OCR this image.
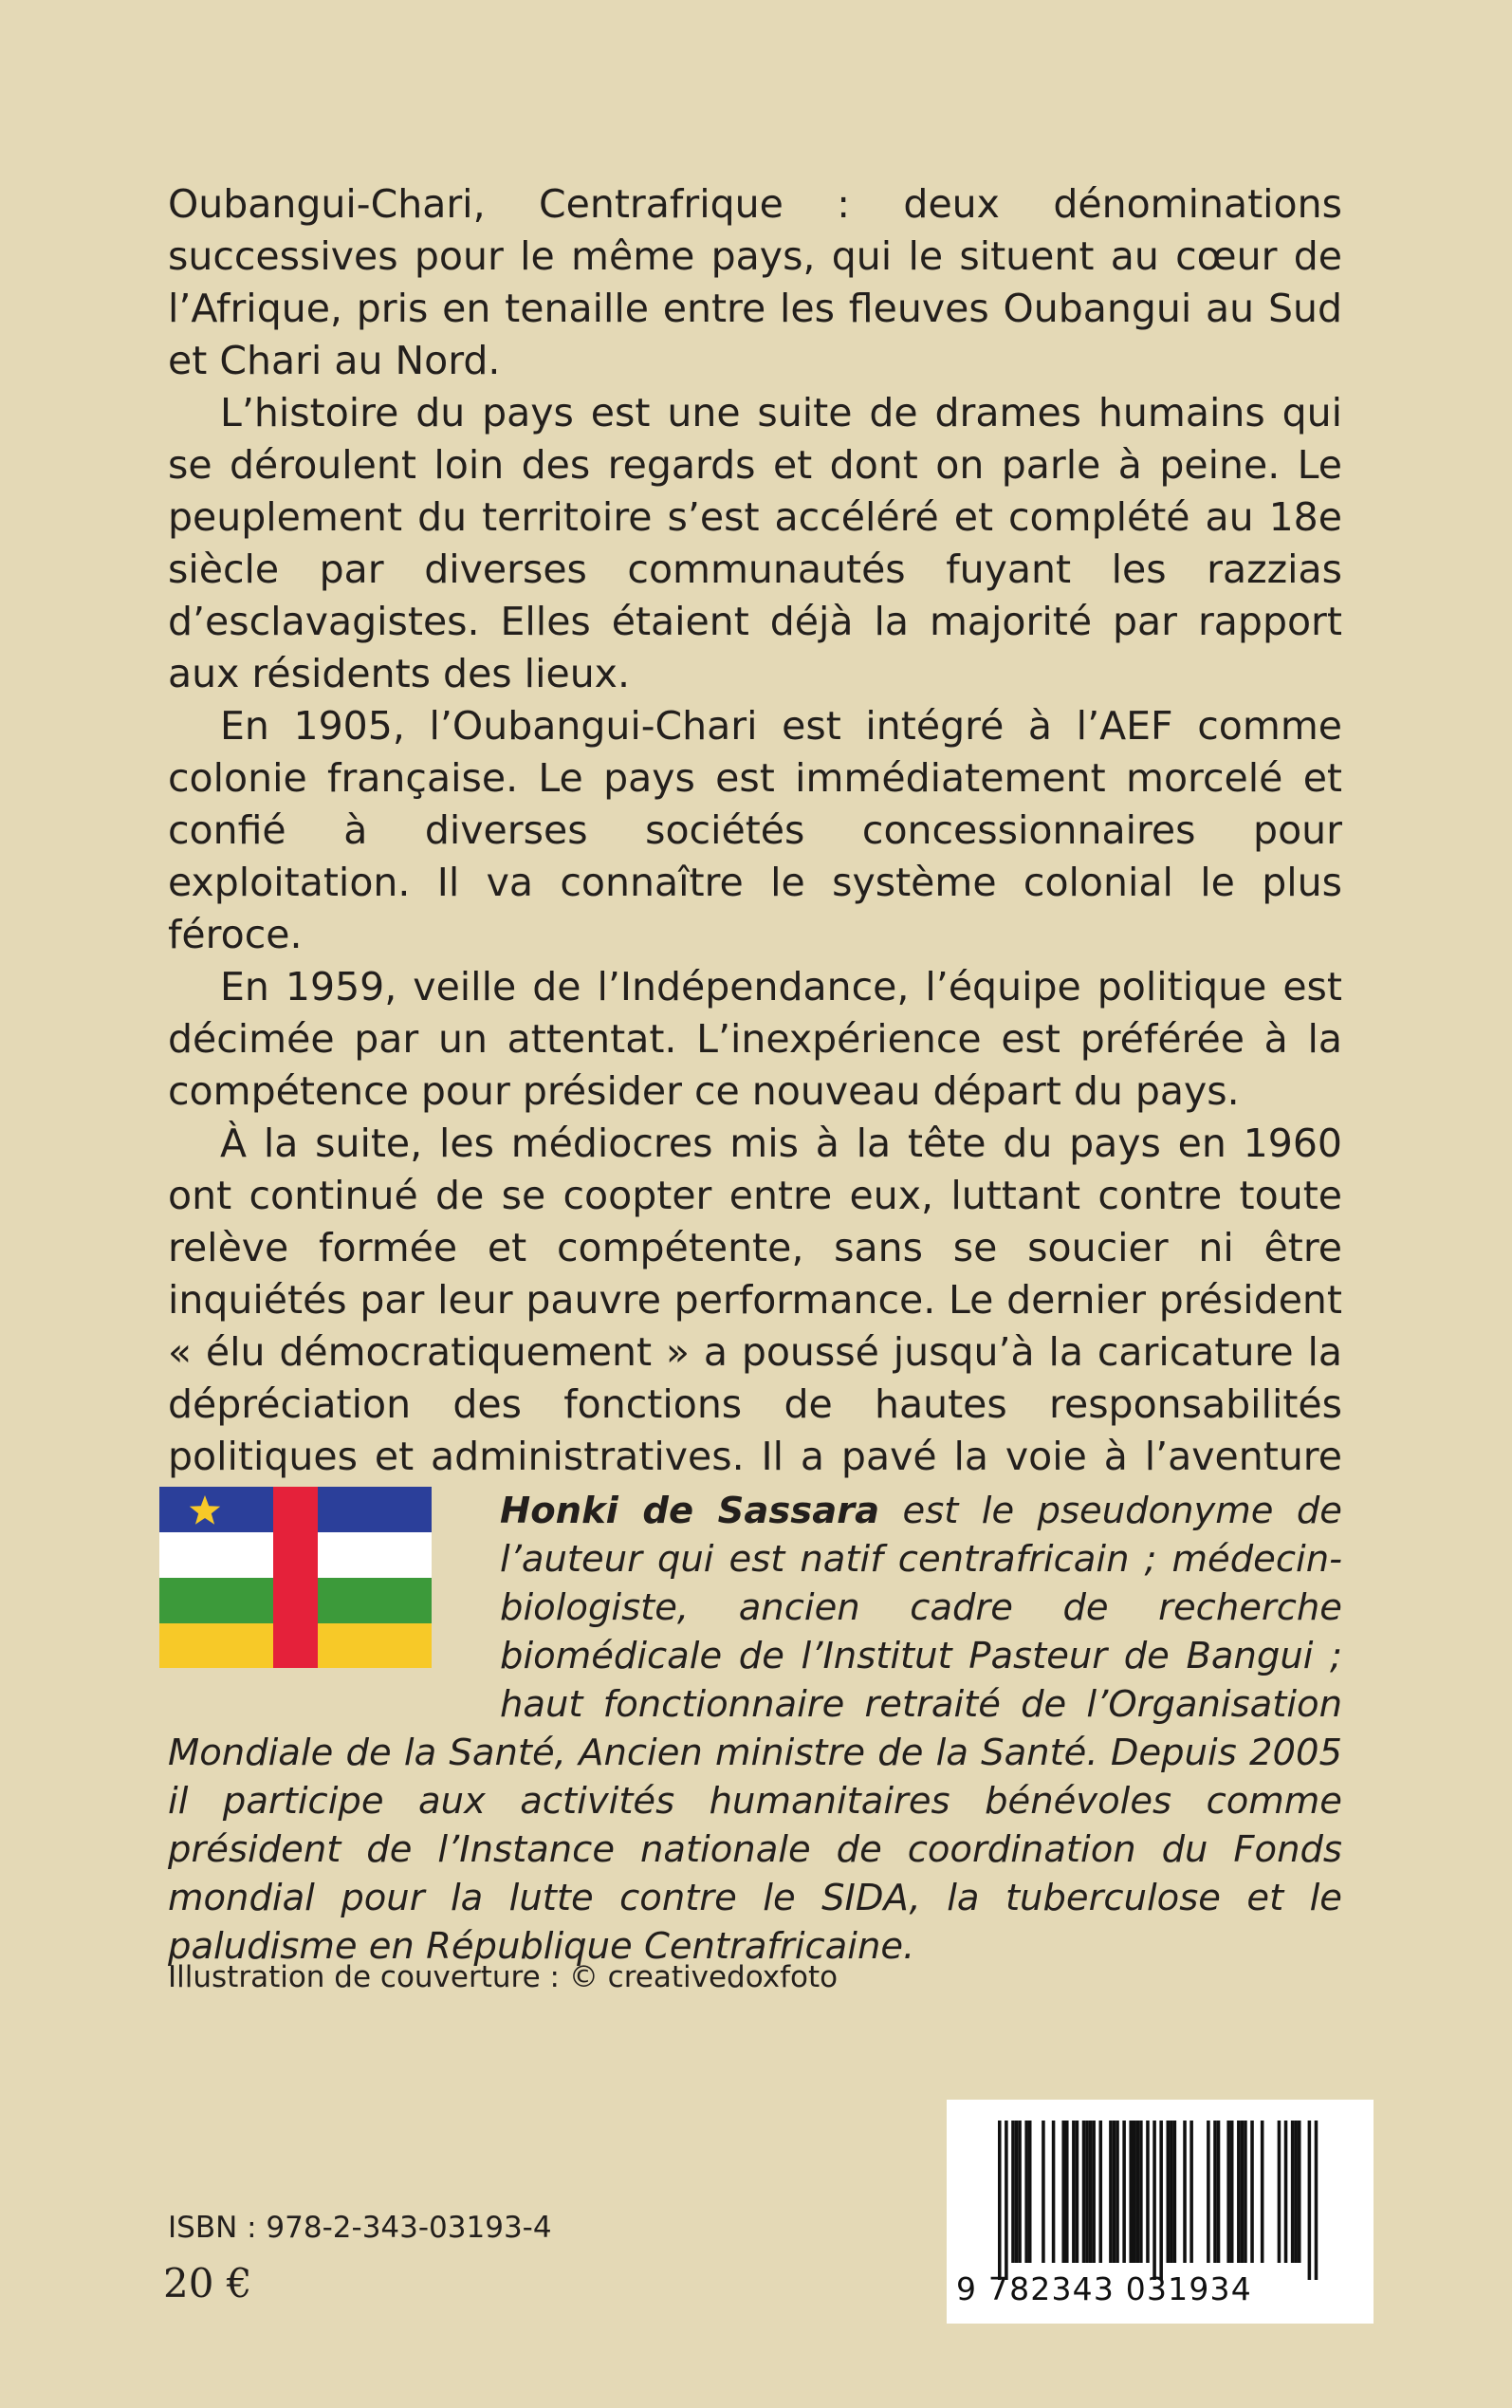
Oubangui-Chari, Centrafrique : deux dénominations successives pour le même pays, qui le situent au cœur de l’Afrique, pris en tenaille entre les fleuves Oubangui au Sud et Chari au Nord.

L’histoire du pays est une suite de drames humains qui se déroulent loin des regards et dont on parle à peine. Le peuplement du territoire s’est accéléré et complété au 18e siècle par diverses communautés fuyant les razzias d’esclavagistes. Elles étaient déjà la majorité par rapport aux résidents des lieux.

En 1905, l’Oubangui-Chari est intégré à l’AEF comme colonie française. Le pays est immédiatement morcelé et confié à diverses sociétés concessionnaires pour exploitation. Il va connaître le système colonial le plus féroce.

En 1959, veille de l’Indépendance, l’équipe politique est décimée par un attentat. L’inexpérience est préférée à la compétence pour présider ce nouveau départ du pays.

À la suite, les médiocres mis à la tête du pays en 1960 ont continué de se coopter entre eux, luttant contre toute relève formée et compétente, sans se soucier ni être inquiétés par leur pauvre performance. Le dernier président « élu démocratiquement » a poussé jusqu’à la caricature la dépréciation des fonctions de hautes responsabilités politiques et administratives. Il a pavé la voie à l’aventure

Honki de Sassara est le pseudonyme de l’auteur qui est natif centrafricain ; médecin-biologiste, ancien cadre de recherche biomédicale de l’Institut Pasteur de Bangui ; haut fonctionnaire retraité de l’Organisation Mondiale de la Santé, Ancien ministre de la Santé. Depuis 2005 il participe aux activités humanitaires bénévoles comme président de l’Instance nationale de coordination du Fonds mondial pour la lutte contre le SIDA, la tuberculose et le paludisme en République Centrafricaine.
Illustration de couverture : © creativedoxfoto
ISBN : 978-2-343-03193-4
20 €	9 782343 031934
